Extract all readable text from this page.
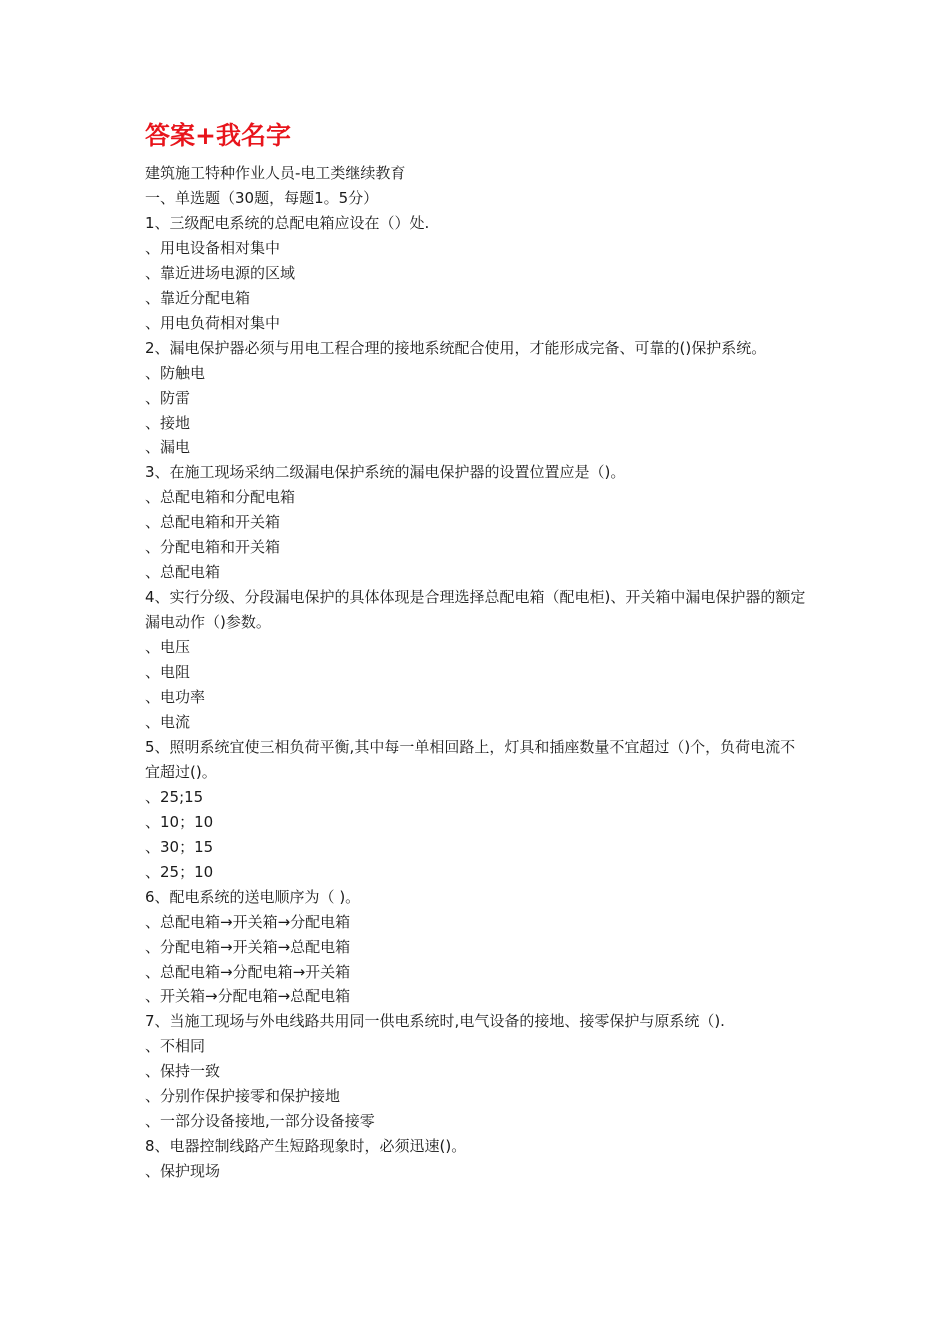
答案+我名字

建筑施工特种作业人员-电工类继续教育

一、单选题（30题，每题1。5分）

1、三级配电系统的总配电箱应设在（）处.

、用电设备相对集中

、靠近进场电源的区域

、靠近分配电箱

、用电负荷相对集中

2、漏电保护器必须与用电工程合理的接地系统配合使用，才能形成完备、可靠的()保护系统。

、防触电

、防雷

、接地

、漏电

3、在施工现场采纳二级漏电保护系统的漏电保护器的设置位置应是（)。

、总配电箱和分配电箱

、总配电箱和开关箱

、分配电箱和开关箱

、总配电箱

4、实行分级、分段漏电保护的具体体现是合理选择总配电箱（配电柜)、开关箱中漏电保护器的额定漏电动作（)参数。

、电压

、电阻

、电功率

、电流

5、照明系统宜使三相负荷平衡,其中每一单相回路上，灯具和插座数量不宜超过（)个，负荷电流不宜超过()。

、25;15

、10；10

、30；15

、25；10

6、配电系统的送电顺序为（ )。

、总配电箱→开关箱→分配电箱

、分配电箱→开关箱→总配电箱

、总配电箱→分配电箱→开关箱

、开关箱→分配电箱→总配电箱

7、当施工现场与外电线路共用同一供电系统时,电气设备的接地、接零保护与原系统（).

、不相同

、保持一致

、分别作保护接零和保护接地

、一部分设备接地,一部分设备接零

8、电器控制线路产生短路现象时，必须迅速()。

、保护现场
